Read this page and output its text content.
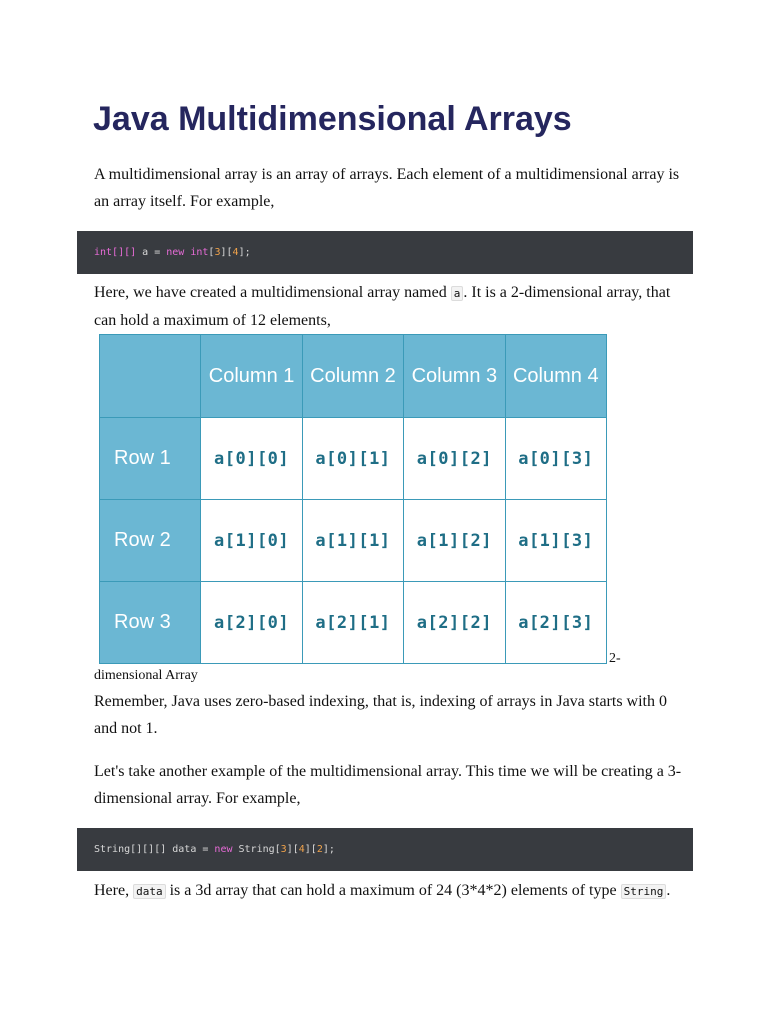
Java Multidimensional Arrays

A multidimensional array is an array of arrays. Each element of a multidimensional array is an array itself. For example,

int[][] a = new int[3][4];

Here, we have created a multidimensional array named a . It is a 2-dimensional array, that can hold a maximum of 12 elements,

	Column 1	Column 2	Column 3	Column 4
Row 1	a[0][0]	a[0][1]	a[0][2]	a[0][3]
Row 2	a[1][0]	a[1][1]	a[1][2]	a[1][3]
Row 3	a[2][0]	a[2][1]	a[2][2]	a[2][3]
2-
dimensional Array

Remember, Java uses zero-based indexing, that is, indexing of arrays in Java starts with 0 and not 1.

Let's take another example of the multidimensional array. This time we will be creating a 3-dimensional array. For example,

String[][][] data = new String[3][4][2];

Here, data is a 3d array that can hold a maximum of 24 (3*4*2) elements of type String .
